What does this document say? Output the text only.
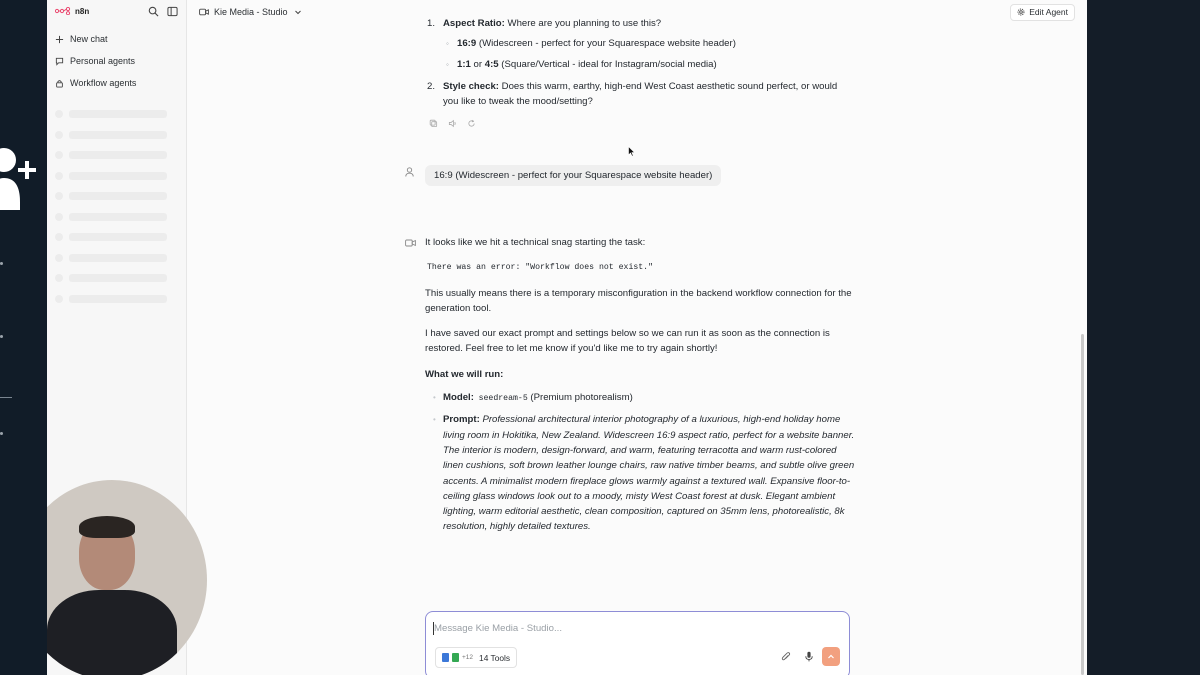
n8n
New chat
Personal agents
Workflow agents
Kie Media - Studio	Edit Agent
1. Aspect Ratio: Where are you planning to use this?
◦ 16:9 (Widescreen - perfect for your Squarespace website header)
◦ 1:1 or 4:5 (Square/Vertical - ideal for Instagram/social media)
2. Style check: Does this warm, earthy, high-end West Coast aesthetic sound perfect, or would you like to tweak the mood/setting?
16:9 (Widescreen - perfect for your Squarespace website header)

It looks like we hit a technical snag starting the task:

There was an error: "Workflow does not exist."

This usually means there is a temporary misconfiguration in the backend workflow connection for the generation tool.

I have saved our exact prompt and settings below so we can run it as soon as the connection is restored. Feel free to let me know if you'd like me to try again shortly!

What we will run:

• Model: seedream-5 (Premium photorealism)
• Prompt: Professional architectural interior photography of a luxurious, high-end holiday home living room in Hokitika, New Zealand. Widescreen 16:9 aspect ratio, perfect for a website banner. The interior is modern, design-forward, and warm, featuring terracotta and warm rust-colored linen cushions, soft brown leather lounge chairs, raw native timber beams, and subtle olive green accents. A minimalist modern fireplace glows warmly against a textured wall. Expansive floor-to-ceiling glass windows look out to a moody, misty West Coast forest at dusk. Elegant ambient lighting, warm editorial aesthetic, clean composition, captured on 35mm lens, photorealistic, 8k resolution, highly detailed textures.
Message Kie Media - Studio...
+12 14 Tools
